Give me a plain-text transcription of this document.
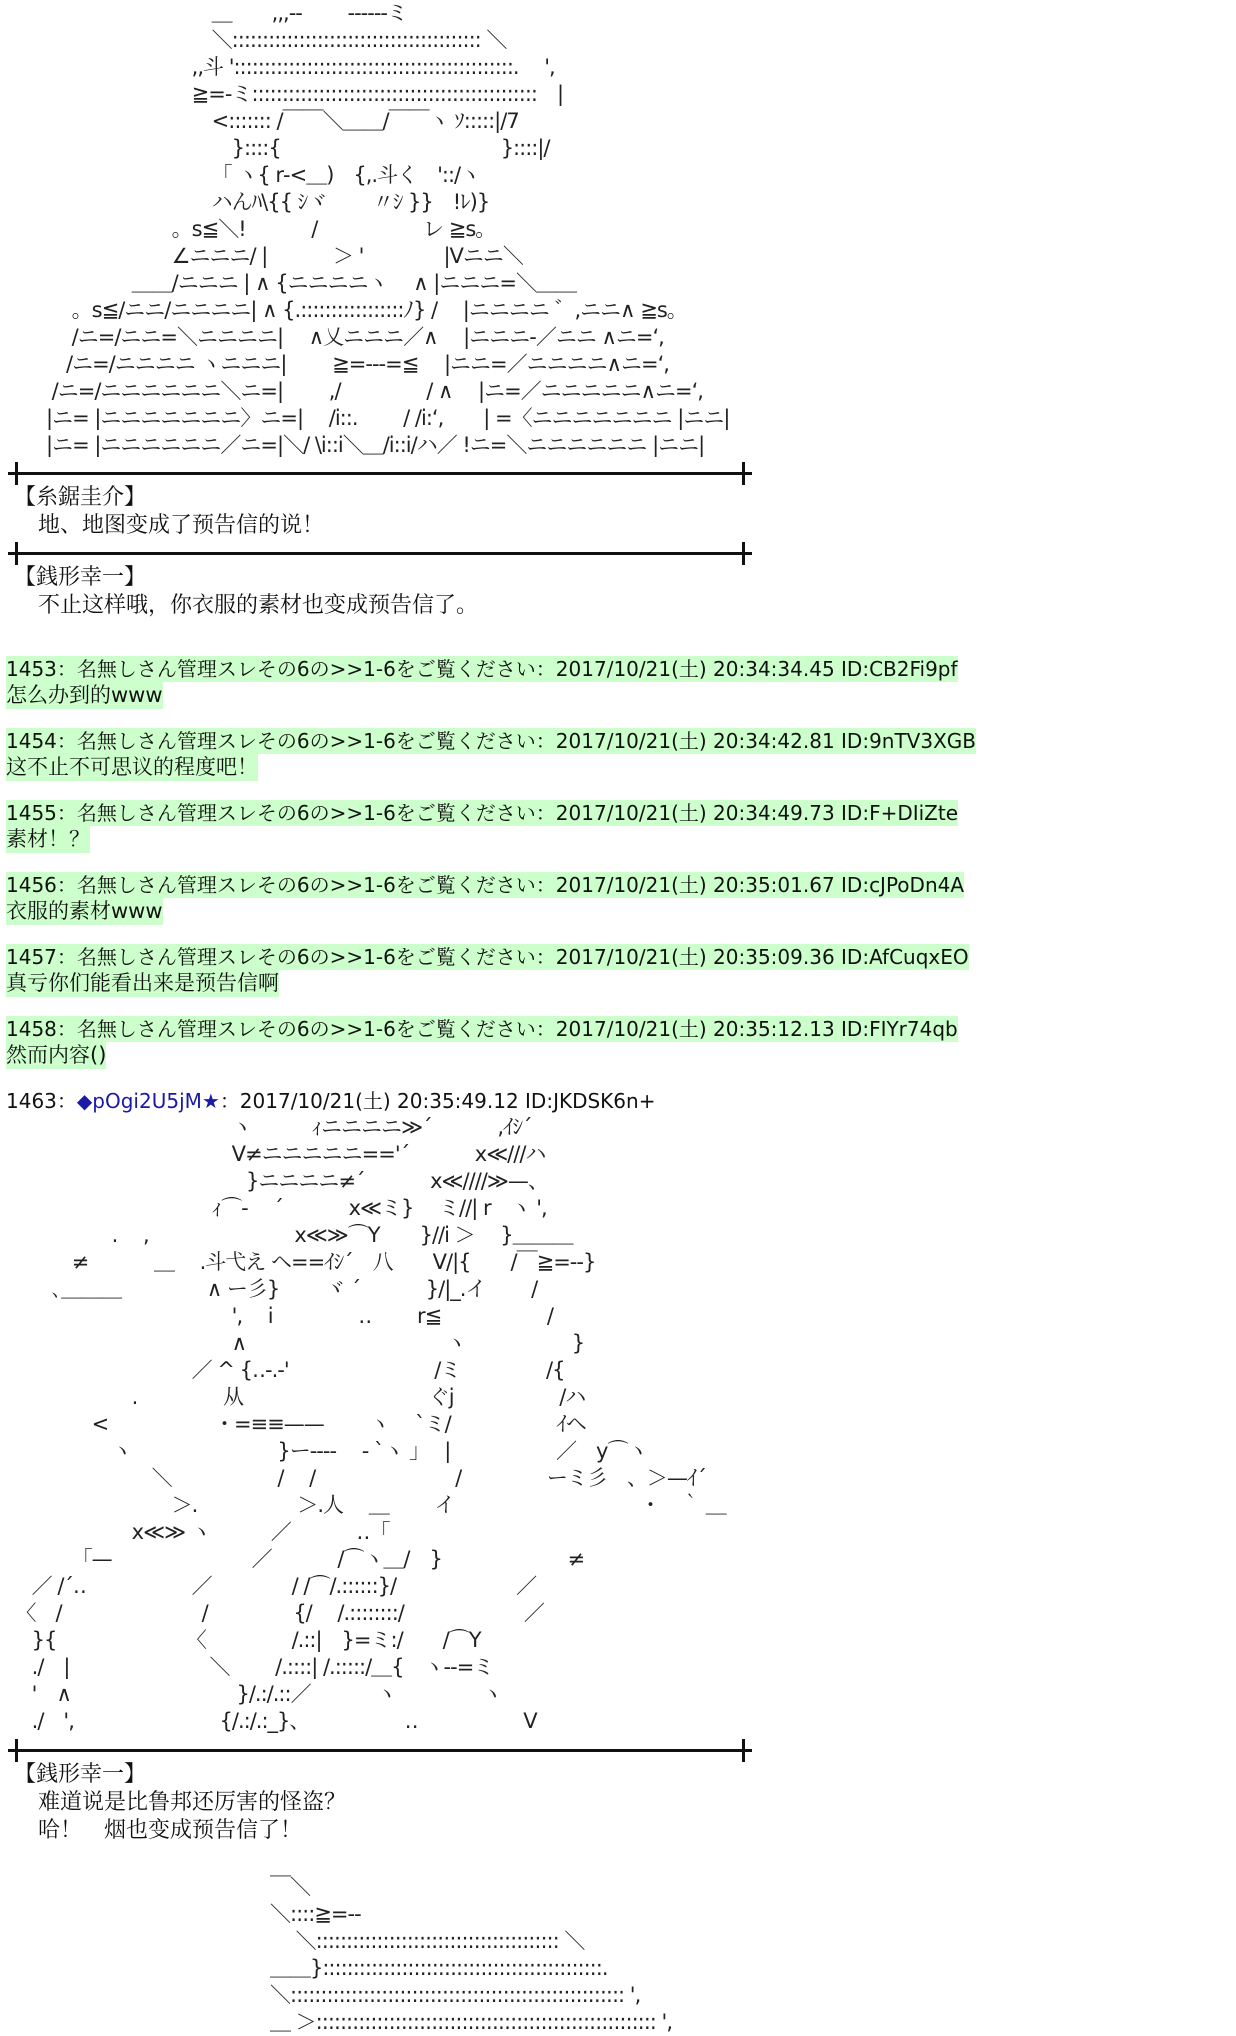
　　　　　　　　　　 ＿　　,,,-‐　　 ------ミ
　　　　　　　　　　 ＼::::::::::::::::::::::::::::::::::::::::: ＼
　　　　　　　　　 ,,斗 '::::::::::::::::::::::::::::::::::::::::::::::.　 ',
　　　　　　　　　 ≧=-ミ:::::::::::::::::::::::::::::::::::::::::::::::　|
　　　　　　　　　　 <::::::: /￣￣＼＿＿/￣￣ヽ ｿ:::::|/7
　　　　　　　　　　　 }::::{　　　　　　　　　　　}::::|/
　　　　　　　　　　 「 ヽ{ r‐<＿)　{,.斗く　'::/ヽ
　　　　　　　　　　 ハんﾊ\{{ ｼヾ　　 〃ｼ }}　!ﾚ)}
　　　　　　　　 。s≦＼!　　　 /　　　　 　レ ≧s。
　　　　　　　　 ∠ニニニ/ |　　　 ＞ '　　　　|Vニニ＼
　　　　　　 ＿＿/ニニニ | ∧ {ニニニニヽ　 ∧ |ニニニ=＼＿＿
　　　 。s≦/ニニ/ニニニニ| ∧ {.:::::::::::::::::ﾉ} /　 |ニニニニ ゛,ニニ∧ ≧s。
　　　 /ニ=/ニニ=＼ニニニニ|　 ∧乂ニニニ／∧　 |ニニニ-／ニニ ∧ニ=‘,
　　　/ニ=/ニニニニ ヽニニニ|　　 ≧=---=≦　 |ニニ=／ニニニニ∧ニ=‘,
　　 /ニ=/ニニニニニニ＼ニ=|　　 ,/　　　　 / ∧　 |ニ=／ニニニニニ∧ニ=‘,
　　|ニ= |ニニニニニニニ〉ニ=|　 /i::.　　 / /i:‘,　　| =〈ニニニニニニニ |ニニ|
　　|ニ= |ニニニニニニ／ニ=|＼/ \i::i＼＿/i::i/ハ／ !ニ=＼ニニニニニニ |ニニ|
【糸鋸圭介】
地、地图变成了预告信的说！
【銭形幸一】
不止这样哦，你衣服的素材也变成预告信了。
1453：名無しさん管理スレその6の>>1-6をご覧ください：2017/10/21(土) 20:34:34.45 ID:CB2Fi9pf
怎么办到的www
1454：名無しさん管理スレその6の>>1-6をご覧ください：2017/10/21(土) 20:34:42.81 ID:9nTV3XGB
这不止不可思议的程度吧！
1455：名無しさん管理スレその6の>>1-6をご覧ください：2017/10/21(土) 20:34:49.73 ID:F+DIiZte
素材！？
1456：名無しさん管理スレその6の>>1-6をご覧ください：2017/10/21(土) 20:35:01.67 ID:cJPoDn4A
衣服的素材www
1457：名無しさん管理スレその6の>>1-6をご覧ください：2017/10/21(土) 20:35:09.36 ID:AfCuqxEO
真亏你们能看出来是预告信啊
1458：名無しさん管理スレその6の>>1-6をご覧ください：2017/10/21(土) 20:35:12.13 ID:FIYr74qb
然而内容()
1463：◆pOgi2U5jM★：2017/10/21(土) 20:35:49.12 ID:JKDSK6n+
　　　　　　　　　　　 ヽ　　　ｨニニニニ≫´　　　 ,ｲｼ´
　　　　　　　　　　　 V≠ニニニニニ=='´　　　 x≪///ハ
　　　　　　　　　　　　}ニニニニ≠´　　　 x≪////≫—、
　　　　　　　　　　 ｨ⌒‐　 ´　　　 x≪ミ}　 ミ//| r　ヽ ',
　　　　　 .　 ,　　　　　　　 x≪≫⌒Y　　}//i ＞　 }＿＿＿
　　　 ≠　　　 ＿　 .斗弋え ヘ==ｲｼ´　八　　V/|{　　/￣≧=--}
　　 ､＿＿＿　　　　 ∧ ー彡}　　 ヾ ´　　　 }/|_.イ　　 /
　　　　　　　　　　　 ',　 i　　　　 ‥　　 r≦　　　　　 /
　　　　　　　　　　　 ∧　　　　　　　　　　ヽ　　　　　 }
　　　　　　　　　 ／ ^ {‥-.‐'　　　　　　　 /ミ　　　　 /{
　　　　　　 .　　　　 从　　　　　　　　　 ぐj　　　　　 /ハ
　　　　 <　　　　　 ・=≡≡——　　 ヽ　 `ミ/　　　　　 ｲヘ
　　　　　 ヽ　　　　　　　 }ー----　 - `ヽ 」　 |　　　　　 ／　y⌒ヽ
　　　　　　　 ＼　　　　　 /　 /　　　　　　　/　　　　 ーミ彡　、＞—ｲ´
　　　　　　　　 ＞.　　　　　＞.人　 ＿　　 イ　　　　　　　　　 ・　｀ ＿
　　　　　　 x≪≫ ヽ　　　／　　　 ‥「
　　　 「—　　　　　　　／　　　 /⌒ヽ＿/　}　　　　　　 ≠
　 ／ /´‥　　　　　 ／　　　　/ /⌒/.::::::}/　　　　　　／
　〈　/　　　　　　　/　　　　 {/　 /.::::::::/　　　　　　／
　 }{　　　　　　　〈　　　　 /.::|　}=ミ:/　　/⌒Y
　 ./　|　　　　　　　＼　　 /.::::| /.:::::/＿{　ヽ-‐=ミ
　 '　∧　　　　　　　　 }/.:/.::／　　　 ヽ　　　　 ヽ
　 ./　',　　　　　　　 {/.:/.:_}、　　　　　 ‥　　　　　 V
【銭形幸一】
难道说是比鲁邦还厉害的怪盗？
哈！　烟也变成预告信了！
￣＼
＼::::≧=--　　　　　　　　　　　　
　 ＼:::::::::::::::::::::::::::::::::::::::: ＼
＿＿}::::::::::::::::::::::::::::::::::::::::::::::.
＼::::::::::::::::::::::::::::::::::::::::::::::::::::::: ',
＿ ＞:::::::::::::::::::::::::::::::::::::::::::::::::::::::: ',
